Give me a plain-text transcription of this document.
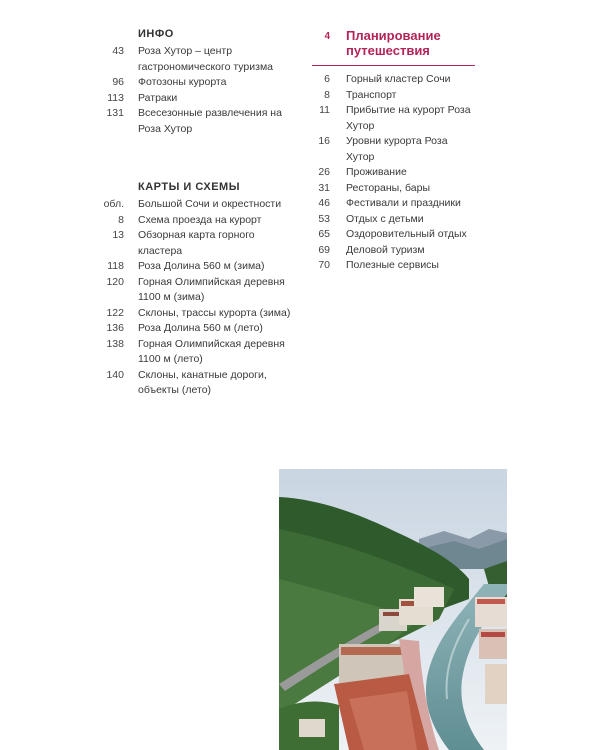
ИНФО
43 Роза Хутор – центр гастрономического туризма
96 Фотозоны курорта
113 Ратраки
131 Всесезонные развлечения на Роза Хутор
КАРТЫ И СХЕМЫ
обл. Большой Сочи и окрестности
8 Схема проезда на курорт
13 Обзорная карта горного кластера
118 Роза Долина 560 м (зима)
120 Горная Олимпийская деревня 1100 м (зима)
122 Склоны, трассы курорта (зима)
136 Роза Долина 560 м (лето)
138 Горная Олимпийская деревня 1100 м (лето)
140 Склоны, канатные дороги, объекты (лето)
4 Планирование путешествия
6 Горный кластер Сочи
8 Транспорт
11 Прибытие на курорт Роза Хутор
16 Уровни курорта Роза Хутор
26 Проживание
31 Рестораны, бары
46 Фестивали и праздники
53 Отдых с детьми
65 Оздоровительный отдых
69 Деловой туризм
70 Полезные сервисы
